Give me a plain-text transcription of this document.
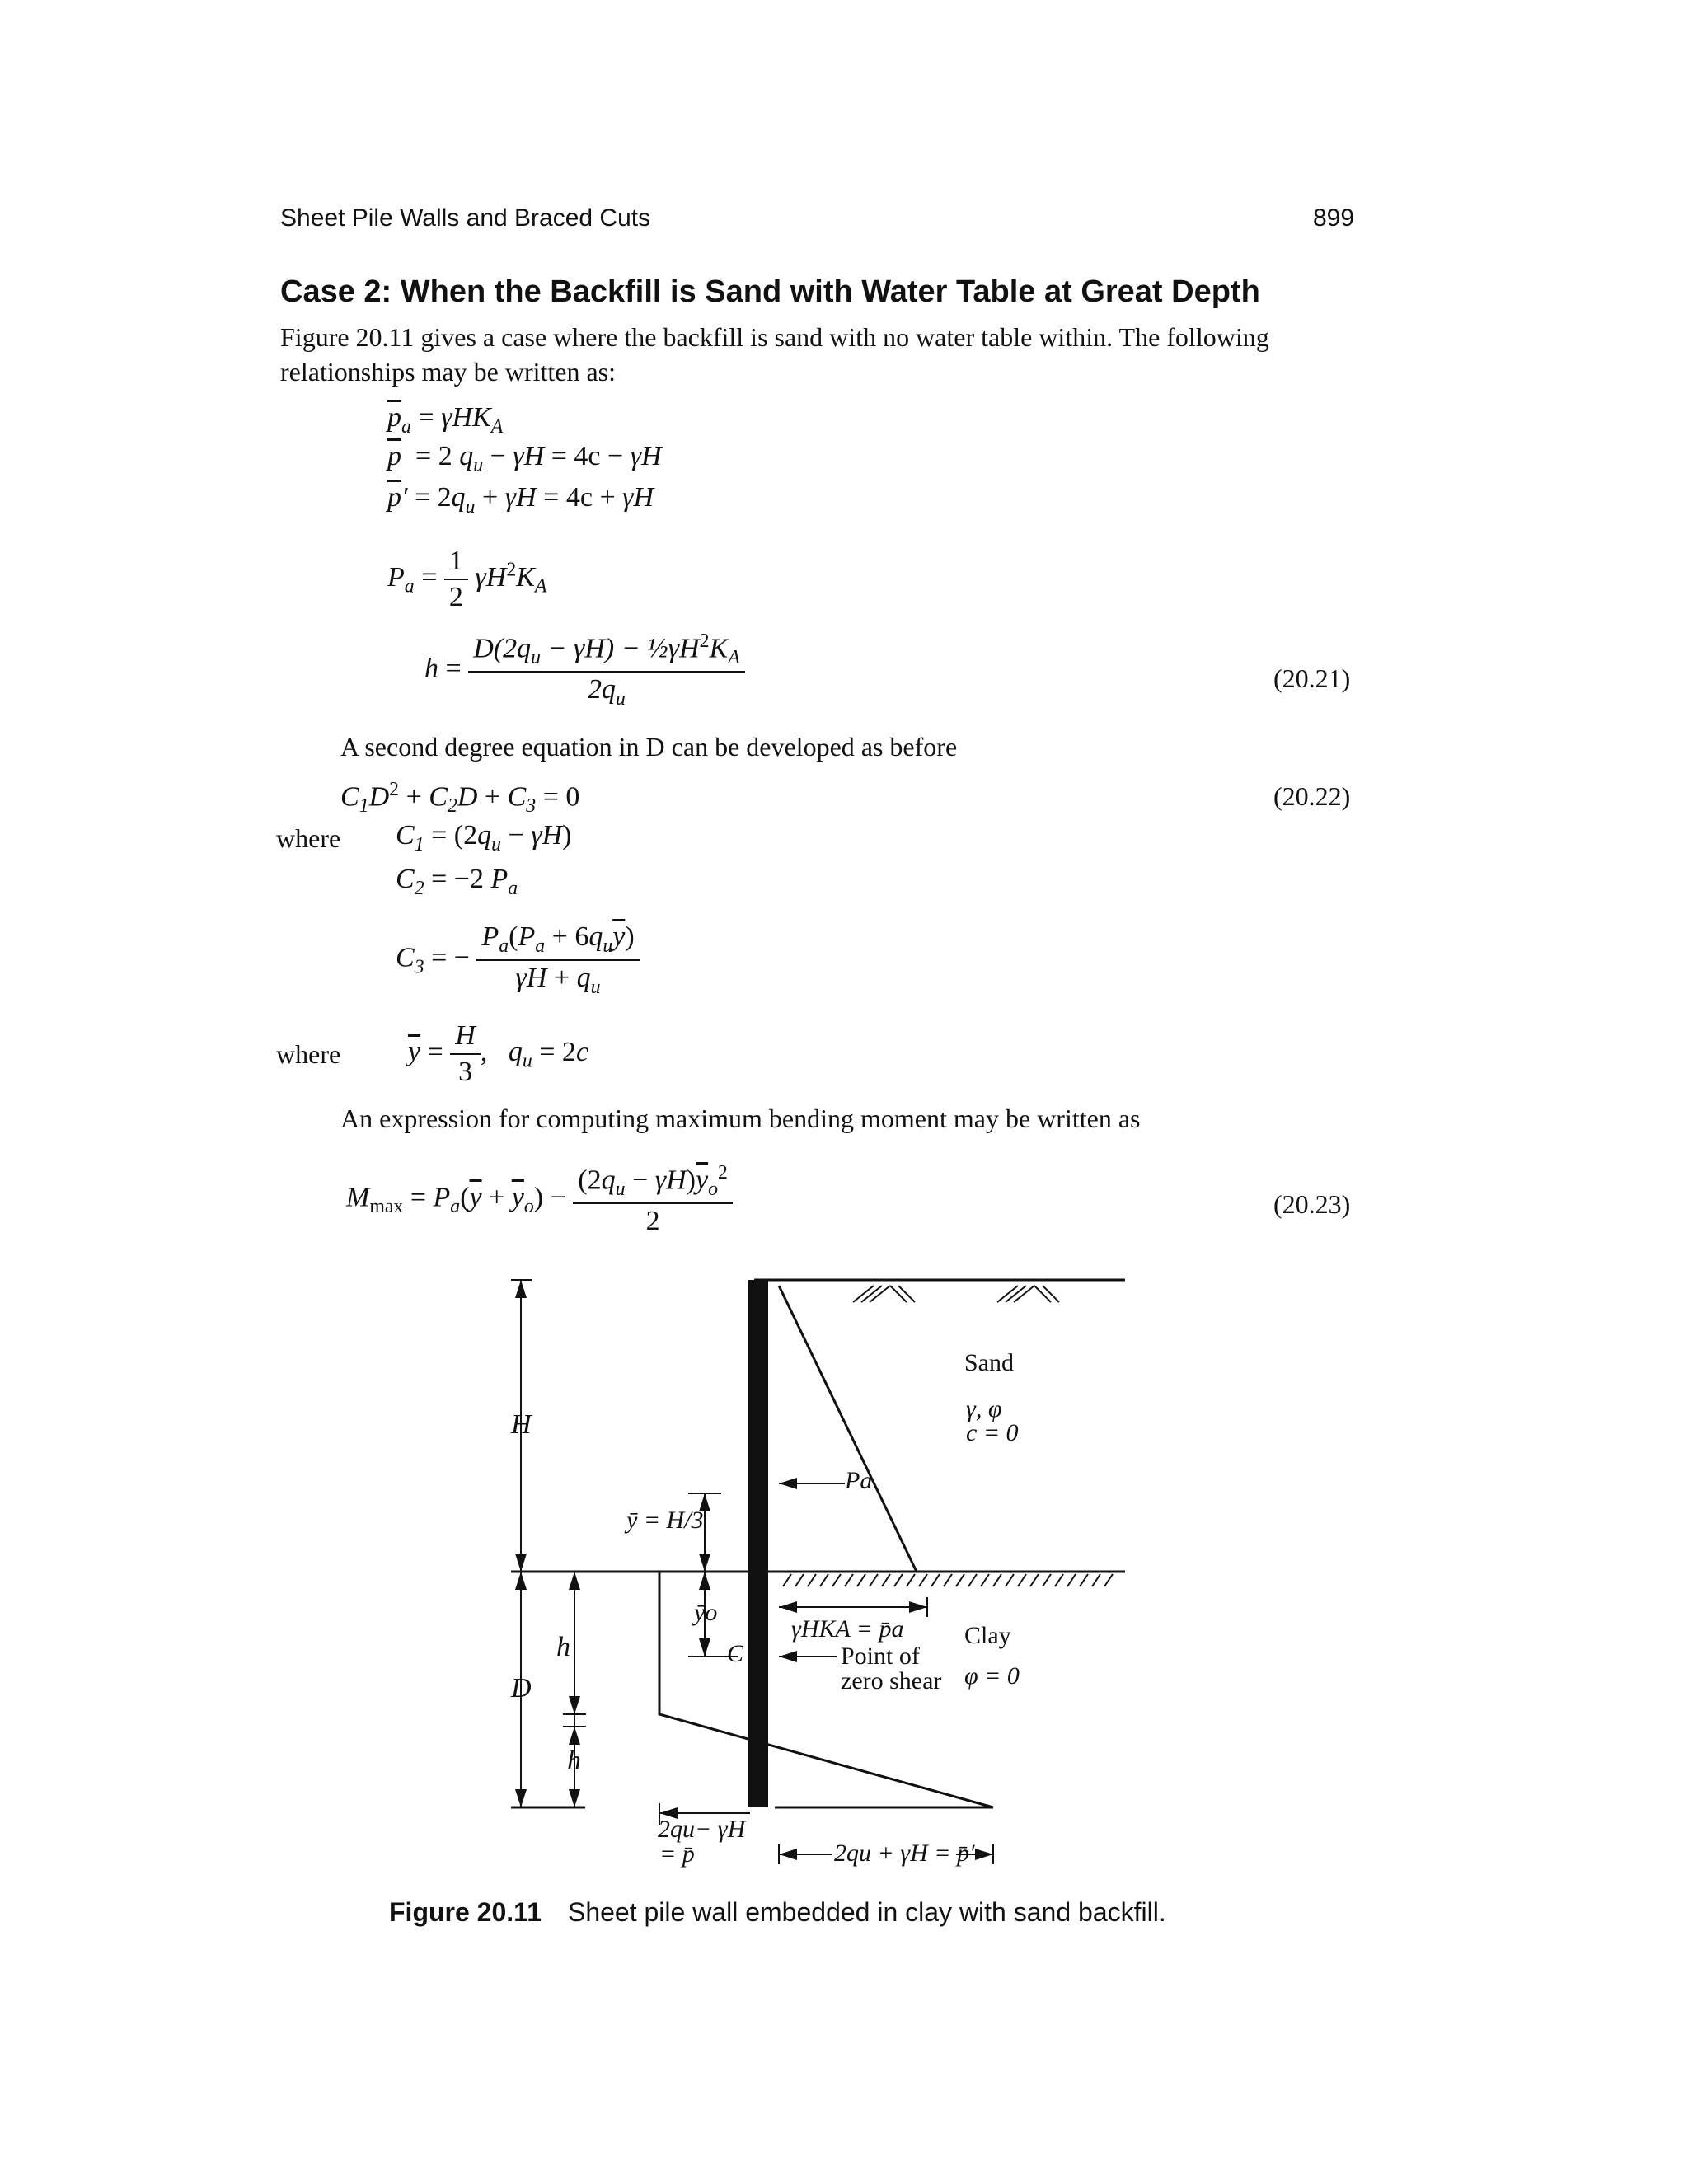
Sheet Pile Walls and Braced Cuts	899
Case 2: When the Backfill is Sand with Water Table at Great Depth
Figure 20.11 gives a case where the backfill is sand with no water table within. The following
relationships may be written as:
$\overline{p}_a = \gamma HK_A$
$\overline{p} = 2$ $q_u - \gamma H = 4c - \gamma H$
$\overline{p}' = 2q_u + \gamma H = 4c + \gamma H$
$P_a = \frac{1}{2} \gamma H^2K_A$
$h = \frac{D(2q_u - \gamma H) - \frac{1}{2}\gamma H^2K_A}{2q_u}$	(20.21)
A second degree equation in D can be developed as before
$C_1D^2 + C_2D + C_3 = 0$	(20.22)
where $C_1 = (2q_u - \gamma H)$
$C_2 = -2$ $P_a$
$C_3$ = − $\frac{P_a(P_a + 6q_u\overline{y})}{\gamma H + q_u}$
where $\overline{y} = \frac{H}{3}$ ,   $q_u = 2c$
An expression for computing maximum bending moment may be written as
$M_{max} = P_a(\overline{y} + \overline{y}_o) - \frac{(2q_u - \gamma H)\overline{y}_o^2}{2}$	(20.23)
H
D
h
h
ȳ = H/3
ȳo
C
Pa
Sand
γ, φ
c = 0
Clay
φ = 0
γHKA = p̄a
Point of
zero shear
2qu− γH
= p̄	2qu + γH = p̄′
Figure 20.11 Sheet pile wall embedded in clay with sand backfill.
